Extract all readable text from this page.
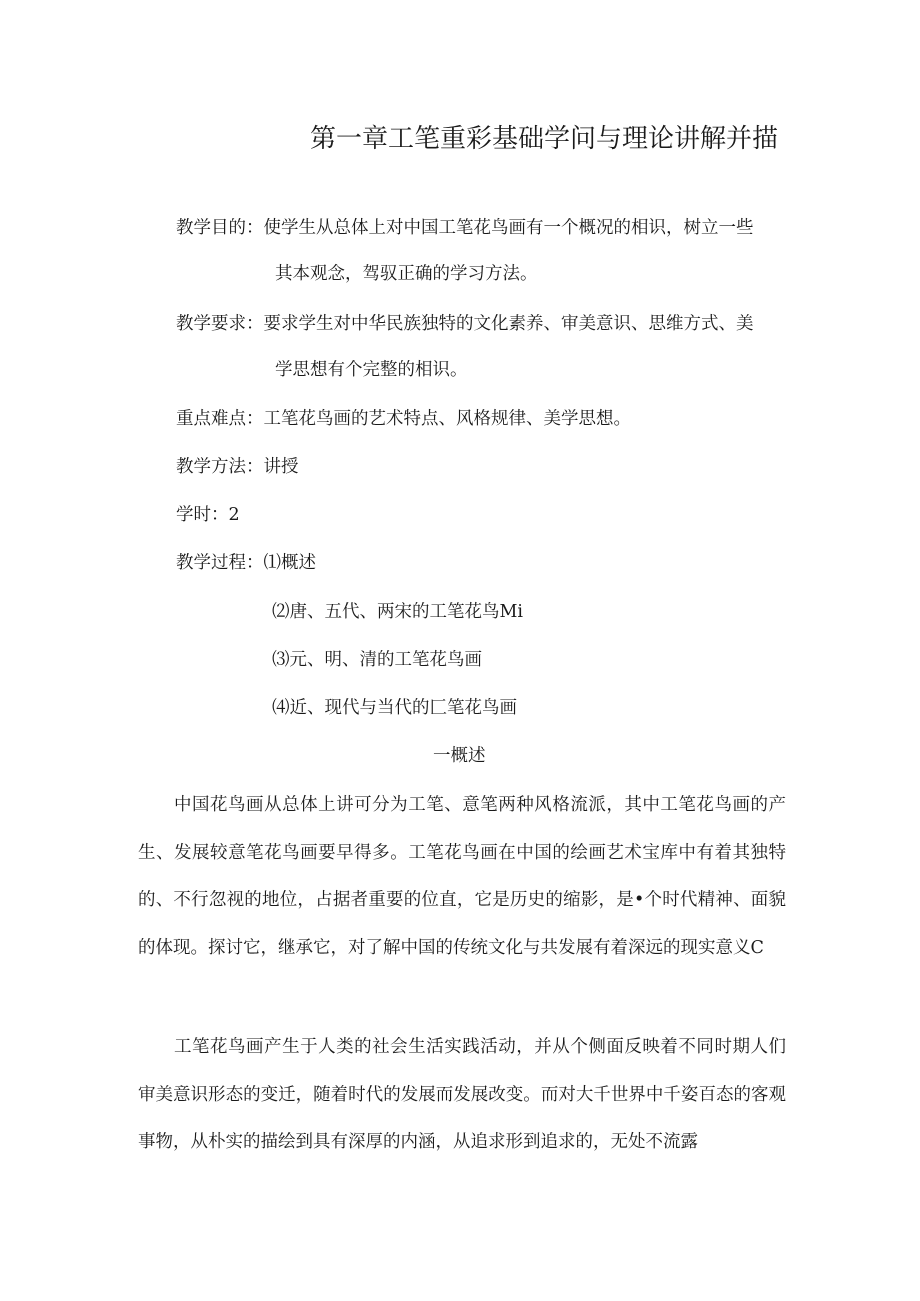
第一章工笔重彩基础学问与理论讲解并描
教学目的：使学生从总体上对中国工笔花鸟画有一个概况的相识，树立一些
其本观念，驾驭正确的学习方法。
教学要求：要求学生对中华民族独特的文化素养、审美意识、思维方式、美
学思想有个完整的相识。
重点难点：工笔花鸟画的艺术特点、风格规律、美学思想。
教学方法：讲授
学时：2
教学过程：⑴概述
⑵唐、五代、两宋的工笔花鸟Mi
⑶元、明、清的工笔花鸟画
⑷近、现代与当代的匚笔花鸟画
一概述

中国花鸟画从总体上讲可分为工笔、意笔两种风格流派，其中工笔花鸟画的产生、发展较意笔花鸟画要早得多。工笔花鸟画在中国的绘画艺术宝库中有着其独特的、不行忽视的地位，占据者重要的位直，它是历史的缩影，是•个时代精神、面貌的体现。探讨它，继承它，对了解中国的传统文化与共发展有着深远的现实意义C

工笔花鸟画产生于人类的社会生活实践活动，并从个侧面反映着不同时期人们审美意识形态的变迁，随着时代的发展而发展改变。而对大千世界中千姿百态的客观事物，从朴实的描绘到具有深厚的内涵，从追求形到追求的，无处不流露
